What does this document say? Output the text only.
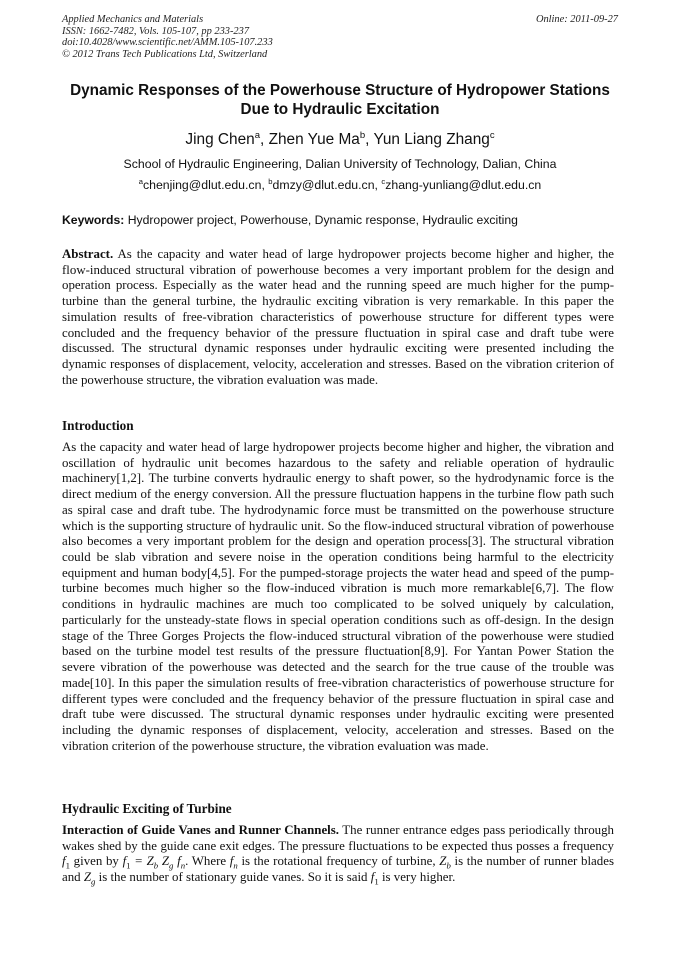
Applied Mechanics and Materials
ISSN: 1662-7482, Vols. 105-107, pp 233-237
doi:10.4028/www.scientific.net/AMM.105-107.233
© 2012 Trans Tech Publications Ltd, Switzerland
Online: 2011-09-27
Dynamic Responses of the Powerhouse Structure of Hydropower Stations Due to Hydraulic Excitation
Jing Chen$^a$, Zhen Yue Ma$^b$, Yun Liang Zhang$^c$
School of Hydraulic Engineering, Dalian University of Technology, Dalian, China
$^a$chenjing@dlut.edu.cn, $^b$dmzy@dlut.edu.cn, $^c$zhang-yunliang@dlut.edu.cn
Keywords: Hydropower project, Powerhouse, Dynamic response, Hydraulic exciting
Abstract. As the capacity and water head of large hydropower projects become higher and higher, the flow-induced structural vibration of powerhouse becomes a very important problem for the design and operation process. Especially as the water head and the running speed are much higher for the pump-turbine than the general turbine, the hydraulic exciting vibration is very remarkable. In this paper the simulation results of free-vibration characteristics of powerhouse structure for different types were concluded and the frequency behavior of the pressure fluctuation in spiral case and draft tube were discussed. The structural dynamic responses under hydraulic exciting were presented including the dynamic responses of displacement, velocity, acceleration and stresses. Based on the vibration criterion of the powerhouse structure, the vibration evaluation was made.
Introduction
As the capacity and water head of large hydropower projects become higher and higher, the vibration and oscillation of hydraulic unit becomes hazardous to the safety and reliable operation of hydraulic machinery[1,2]. The turbine converts hydraulic energy to shaft power, so the hydrodynamic force is the direct medium of the energy conversion. All the pressure fluctuation happens in the turbine flow path such as spiral case and draft tube. The hydrodynamic force must be transmitted on the powerhouse structure which is the supporting structure of hydraulic unit. So the flow-induced structural vibration of powerhouse also becomes a very important problem for the design and operation process[3]. The structural vibration could be slab vibration and severe noise in the operation conditions being harmful to the electricity equipment and human body[4,5]. For the pumped-storage projects the water head and speed of the pump-turbine becomes much higher so the flow-induced vibration is much more remarkable[6,7]. The flow conditions in hydraulic machines are much too complicated to be solved uniquely by calculation, particularly for the unsteady-state flows in special operation conditions such as off-design. In the design stage of the Three Gorges Projects the flow-induced structural vibration of the powerhouse were studied based on the turbine model test results of the pressure fluctuation[8,9]. For Yantan Power Station the severe vibration of the powerhouse was detected and the search for the true cause of the trouble was made[10]. In this paper the simulation results of free-vibration characteristics of powerhouse structure for different types were concluded and the frequency behavior of the pressure fluctuation in spiral case and draft tube were discussed. The structural dynamic responses under hydraulic exciting were presented including the dynamic responses of displacement, velocity, acceleration and stresses. Based on the vibration criterion of the powerhouse structure, the vibration evaluation was made.
Hydraulic Exciting of Turbine
Interaction of Guide Vanes and Runner Channels. The runner entrance edges pass periodically through wakes shed by the guide cane exit edges. The pressure fluctuations to be expected thus posses a frequency $f_1$ given by $f_1 = Z_b$ $Z_g$ $f_n$. Where $f_n$ is the rotational frequency of turbine, $Z_b$ is the number of runner blades and $Z_g$ is the number of stationary guide vanes. So it is said $f_1$ is very higher.
